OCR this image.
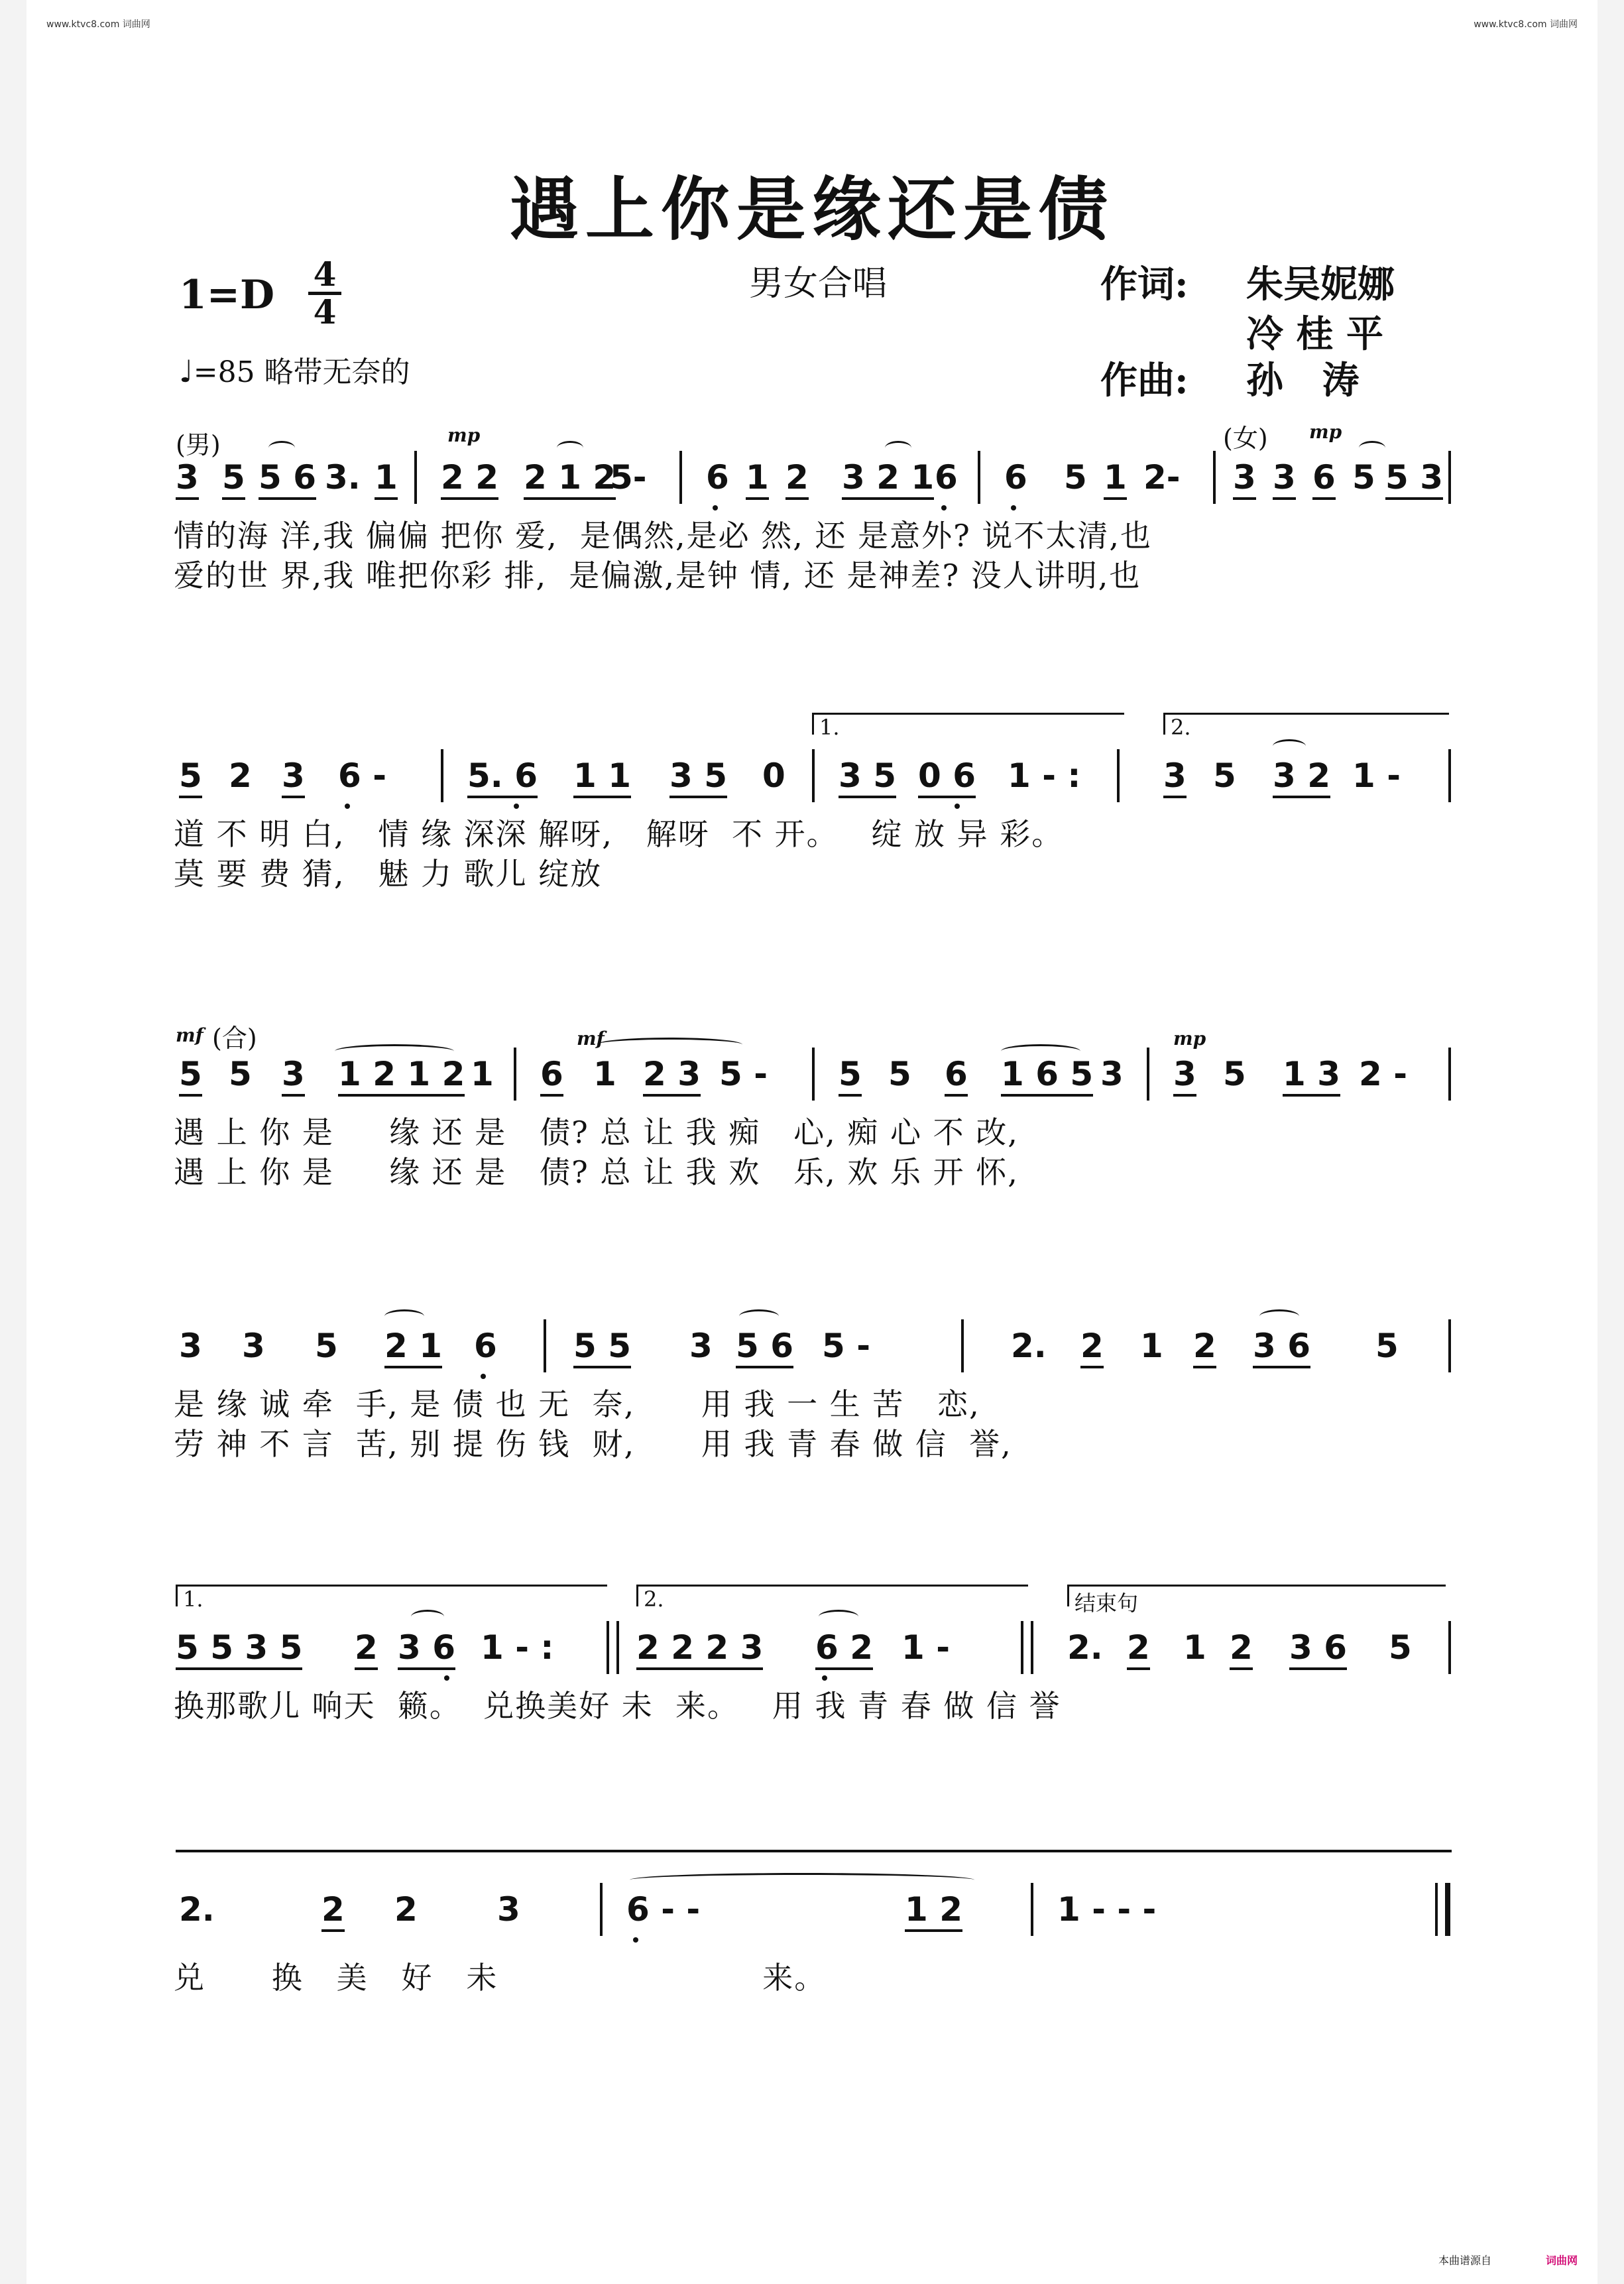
www.ktvc8.com 词曲网	www.ktvc8.com 词曲网
遇上你是缘还是债
$1=D \frac{4}{4}$
♩=85 略带无奈的
男女合唱	作词: 朱吴妮娜
冷 桂 平
作曲: 孙   涛
(男)	(女)
mp	mp
3 5 5 6 3. 1 2 2 2 1 2
5- 6 1 2 3 2 1 6 6 5 1 2- 3 3 6 5 5 3
情的海 洋,我 偏偏 把你 爱,  是偶然,是必 然, 还 是意外? 说不太清,也
爱的世 界,我 唯把你彩 排,  是偏激,是钟 情, 还 是神差? 没人讲明,也
1.	2.
5 2 3 6 - 5. 6 1 1 3 5 0 3 5 0 6 1 - : 3 5 3 2 1 -
道 不 明 白,   情 缘 深深 解呀,   解呀  不 开。   绽 放 异 彩。
莫 要 费 猜,   魅 力 歌儿 绽放
mf (合)	mf	mp
5 5 3 1 2 1 2 1 6 1 2 3 5 - 5 5 6 1 6 5 3 3 5 1 3 2 -
遇 上 你 是     缘 还 是   债? 总 让 我 痴   心, 痴 心 不 改,
遇 上 你 是     缘 还 是   债? 总 让 我 欢   乐, 欢 乐 开 怀,
3 3 5 2 1 6 5 5 3 5 6 5 -	2. 2 1 2 3 6 5
是 缘 诚 牵  手, 是 债 也 无  奈,      用 我 一 生 苦   恋,
劳 神 不 言  苦, 别 提 伤 钱  财,      用 我 青 春 做 信  誉,
1.	2.	结束句
5 5 3 5 2 3 6 1 - : 2 2 2 3 6 2 1 -	2. 2 1 2 3 6 5
换那歌儿 响天  籁。  兑换美好 未  来。   用 我 青 春 做 信 誉
2.	2 2 3	6 - -	1 2	1 - - -
兑      换   美   好   未                        来。
本曲谱源自	词曲网
